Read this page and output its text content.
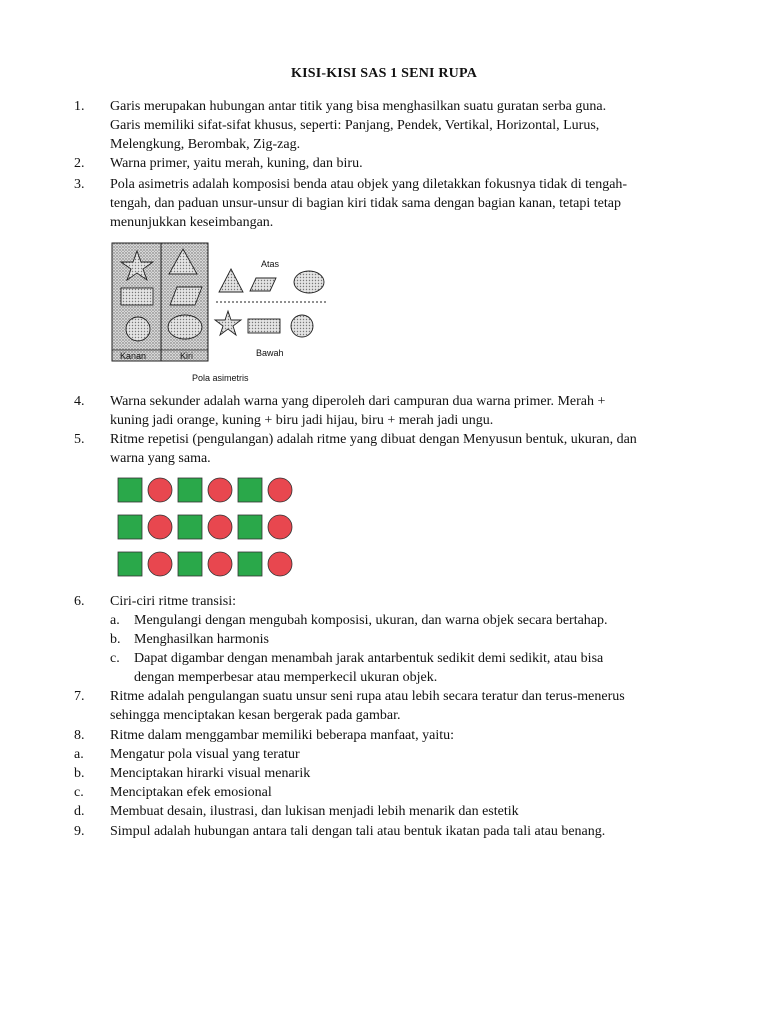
KISI-KISI SAS 1 SENI RUPA
1.	Garis merupakan hubungan antar titik yang bisa menghasilkan suatu guratan serba guna.
Garis memiliki sifat-sifat khusus, seperti: Panjang, Pendek, Vertikal, Horizontal, Lurus,
Melengkung, Berombak, Zig-zag.
2.	Warna primer, yaitu merah, kuning, dan biru.
3.	Pola asimetris adalah komposisi benda atau objek yang diletakkan fokusnya tidak di tengah-
tengah, dan paduan unsur-unsur di bagian kiri tidak sama dengan bagian kanan, tetapi tetap
menunjukkan keseimbangan.
Kanan	Kiri
Atas
Bawah
Pola asimetris
4.	Warna sekunder adalah warna yang diperoleh dari campuran dua warna primer. Merah +
kuning jadi orange, kuning + biru jadi hijau, biru + merah jadi ungu.
5.	Ritme repetisi (pengulangan) adalah ritme yang dibuat dengan Menyusun bentuk, ukuran, dan
warna yang sama.
6.	Ciri-ciri ritme transisi:
a. Mengulangi dengan mengubah komposisi, ukuran, dan warna objek secara bertahap.
b. Menghasilkan harmonis
c. Dapat digambar dengan menambah jarak antarbentuk sedikit demi sedikit, atau bisa
dengan memperbesar atau memperkecil ukuran objek.
7.	Ritme adalah pengulangan suatu unsur seni rupa atau lebih secara teratur dan terus-menerus
sehingga menciptakan kesan bergerak pada gambar.
8.	Ritme dalam menggambar memiliki beberapa manfaat, yaitu:
a.	Mengatur pola visual yang teratur
b.	Menciptakan hirarki visual menarik
c.	Menciptakan efek emosional
d.	Membuat desain, ilustrasi, dan lukisan menjadi lebih menarik dan estetik
9.	Simpul adalah hubungan antara tali dengan tali atau bentuk ikatan pada tali atau benang.
